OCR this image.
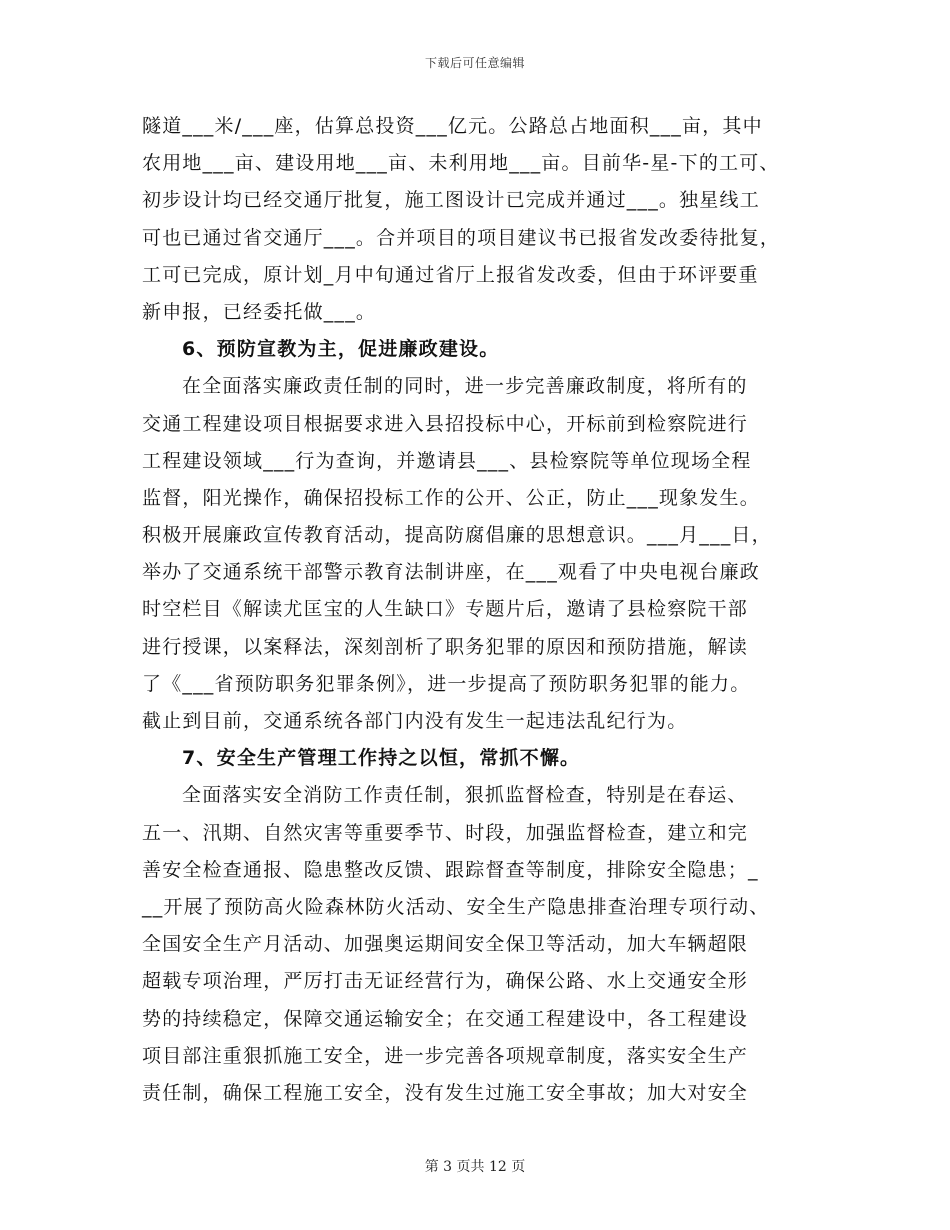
下载后可任意编辑
隧道___米/___座，估算总投资___亿元。公路总占地面积___亩，其中
农用地___亩、建设用地___亩、未利用地___亩。目前华-星-下的工可、
初步设计均已经交通厅批复，施工图设计已完成并通过___。独星线工
可也已通过省交通厅___。合并项目的项目建议书已报省发改委待批复，
工可已完成，原计划_月中旬通过省厅上报省发改委，但由于环评要重
新申报，已经委托做___。
6、预防宣教为主，促进廉政建设。
在全面落实廉政责任制的同时，进一步完善廉政制度，将所有的
交通工程建设项目根据要求进入县招投标中心，开标前到检察院进行
工程建设领域___行为查询，并邀请县___、县检察院等单位现场全程
监督，阳光操作，确保招投标工作的公开、公正，防止___现象发生。
积极开展廉政宣传教育活动，提高防腐倡廉的思想意识。___月___日，
举办了交通系统干部警示教育法制讲座，在___观看了中央电视台廉政
时空栏目《解读尤匡宝的人生缺口》专题片后，邀请了县检察院干部
进行授课，以案释法，深刻剖析了职务犯罪的原因和预防措施，解读
了《___省预防职务犯罪条例》，进一步提高了预防职务犯罪的能力。
截止到目前，交通系统各部门内没有发生一起违法乱纪行为。
7、安全生产管理工作持之以恒，常抓不懈。
全面落实安全消防工作责任制，狠抓监督检查，特别是在春运、
五一、汛期、自然灾害等重要季节、时段，加强监督检查，建立和完
善安全检查通报、隐患整改反馈、跟踪督查等制度，排除安全隐患；_
__开展了预防高火险森林防火活动、安全生产隐患排查治理专项行动、
全国安全生产月活动、加强奥运期间安全保卫等活动，加大车辆超限
超载专项治理，严厉打击无证经营行为，确保公路、水上交通安全形
势的持续稳定，保障交通运输安全；在交通工程建设中，各工程建设
项目部注重狠抓施工安全，进一步完善各项规章制度，落实安全生产
责任制，确保工程施工安全，没有发生过施工安全事故；加大对安全
第 3 页共 12 页
